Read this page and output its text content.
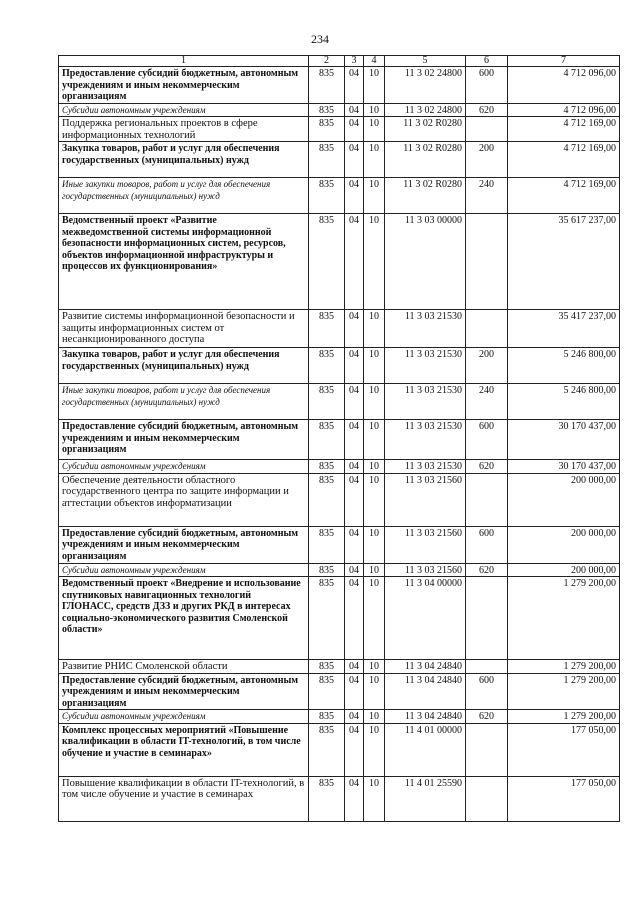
234
1	2	3	4	5	6	7
Предоставление субсидий бюджетным, автономным учреждениям и иным некоммерческим организациям	835	04	10	11 3 02 24800	600	4 712 096,00
Субсидии автономным учреждениям	835	04	10	11 3 02 24800	620	4 712 096,00
Поддержка региональных проектов в сфере информационных технологий	835	04	10	11 3 02 R0280		4 712 169,00
Закупка товаров, работ и услуг для обеспечения государственных (муниципальных) нужд	835	04	10	11 3 02 R0280	200	4 712 169,00
Иные закупки товаров, работ и услуг для обеспечения государственных (муниципальных) нужд	835	04	10	11 3 02 R0280	240	4 712 169,00
Ведомственный проект «Развитие межведомственной системы информационной безопасности информационных систем, ресурсов, объектов информационной инфраструктуры и процессов их функционирования»	835	04	10	11 3 03 00000		35 617 237,00
Развитие системы информационной безопасности и защиты информационных систем от несанкционированного доступа	835	04	10	11 3 03 21530		35 417 237,00
Закупка товаров, работ и услуг для обеспечения государственных (муниципальных) нужд	835	04	10	11 3 03 21530	200	5 246 800,00
Иные закупки товаров, работ и услуг для обеспечения государственных (муниципальных) нужд	835	04	10	11 3 03 21530	240	5 246 800,00
Предоставление субсидий бюджетным, автономным учреждениям и иным некоммерческим организациям	835	04	10	11 3 03 21530	600	30 170 437,00
Субсидии автономным учреждениям	835	04	10	11 3 03 21530	620	30 170 437,00
Обеспечение деятельности областного государственного центра по защите информации и аттестации объектов информатизации	835	04	10	11 3 03 21560		200 000,00
Предоставление субсидий бюджетным, автономным учреждениям и иным некоммерческим организациям	835	04	10	11 3 03 21560	600	200 000,00
Субсидии автономным учреждениям	835	04	10	11 3 03 21560	620	200 000,00
Ведомственный проект «Внедрение и использование спутниковых навигационных технологий ГЛОНАСС, средств ДЗЗ и других РКД в интересах социально-экономического развития Смоленской области»	835	04	10	11 3 04 00000		1 279 200,00
Развитие РНИС Смоленской области	835	04	10	11 3 04 24840		1 279 200,00
Предоставление субсидий бюджетным, автономным учреждениям и иным некоммерческим организациям	835	04	10	11 3 04 24840	600	1 279 200,00
Субсидии автономным учреждениям	835	04	10	11 3 04 24840	620	1 279 200,00
Комплекс процессных мероприятий «Повышение квалификации в области IT-технологий, в том числе обучение и участие в семинарах»	835	04	10	11 4 01 00000		177 050,00
Повышение квалификации в области IT-технологий, в том числе обучение и участие в семинарах	835	04	10	11 4 01 25590		177 050,00
